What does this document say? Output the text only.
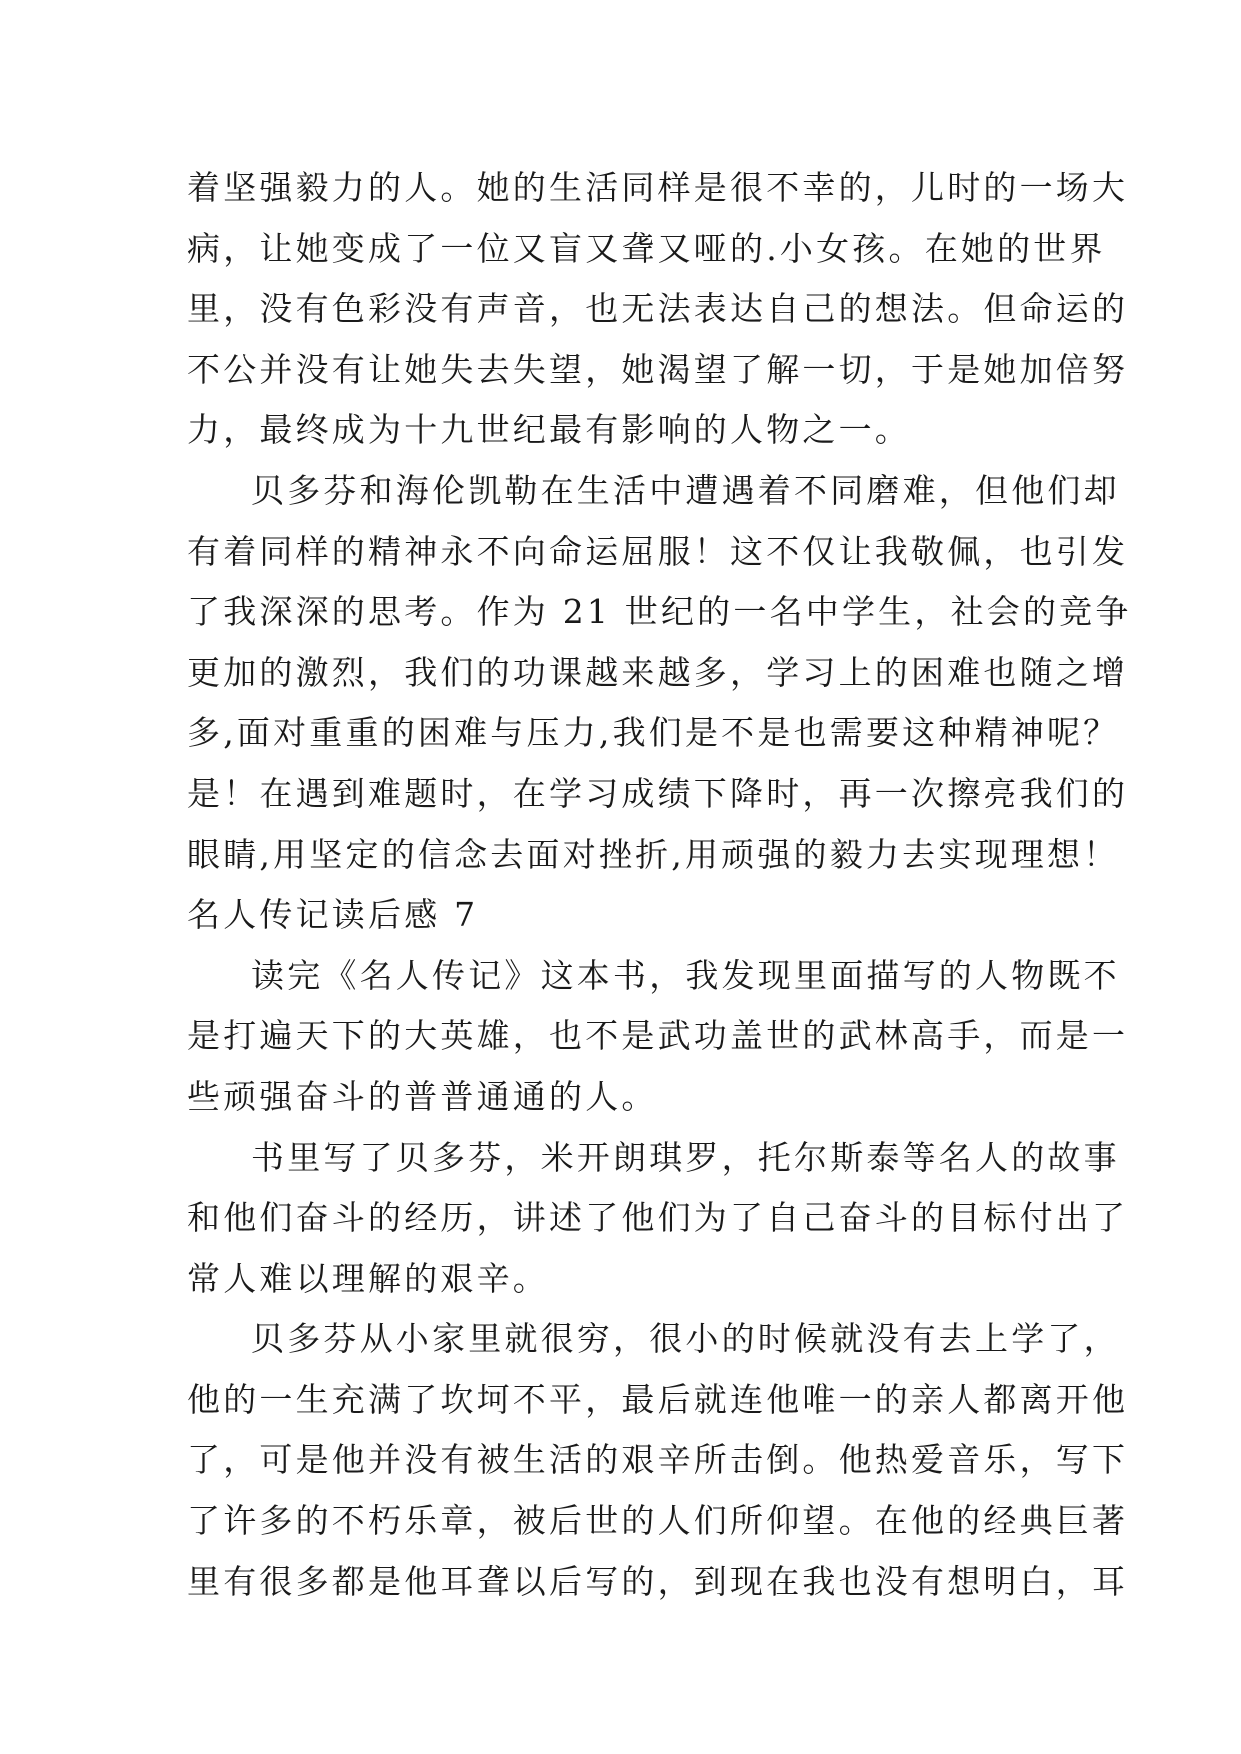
着坚强毅力的人。她的生活同样是很不幸的，儿时的一场大
病，让她变成了一位又盲又聋又哑的.小女孩。在她的世界
里，没有色彩没有声音，也无法表达自己的想法。但命运的
不公并没有让她失去失望，她渴望了解一切，于是她加倍努
力，最终成为十九世纪最有影响的人物之一。
贝多芬和海伦凯勒在生活中遭遇着不同磨难，但他们却
有着同样的精神永不向命运屈服！这不仅让我敬佩，也引发
了我深深的思考。作为 21 世纪的一名中学生，社会的竞争
更加的激烈，我们的功课越来越多，学习上的困难也随之增
多,面对重重的困难与压力,我们是不是也需要这种精神呢？
是！在遇到难题时，在学习成绩下降时，再一次擦亮我们的
眼睛,用坚定的信念去面对挫折,用顽强的毅力去实现理想！
名人传记读后感 7
读完《名人传记》这本书，我发现里面描写的人物既不
是打遍天下的大英雄，也不是武功盖世的武林高手，而是一
些顽强奋斗的普普通通的人。
书里写了贝多芬，米开朗琪罗，托尔斯泰等名人的故事
和他们奋斗的经历，讲述了他们为了自己奋斗的目标付出了
常人难以理解的艰辛。
贝多芬从小家里就很穷，很小的时候就没有去上学了，
他的一生充满了坎坷不平，最后就连他唯一的亲人都离开他
了，可是他并没有被生活的艰辛所击倒。他热爱音乐，写下
了许多的不朽乐章，被后世的人们所仰望。在他的经典巨著
里有很多都是他耳聋以后写的，到现在我也没有想明白，耳
